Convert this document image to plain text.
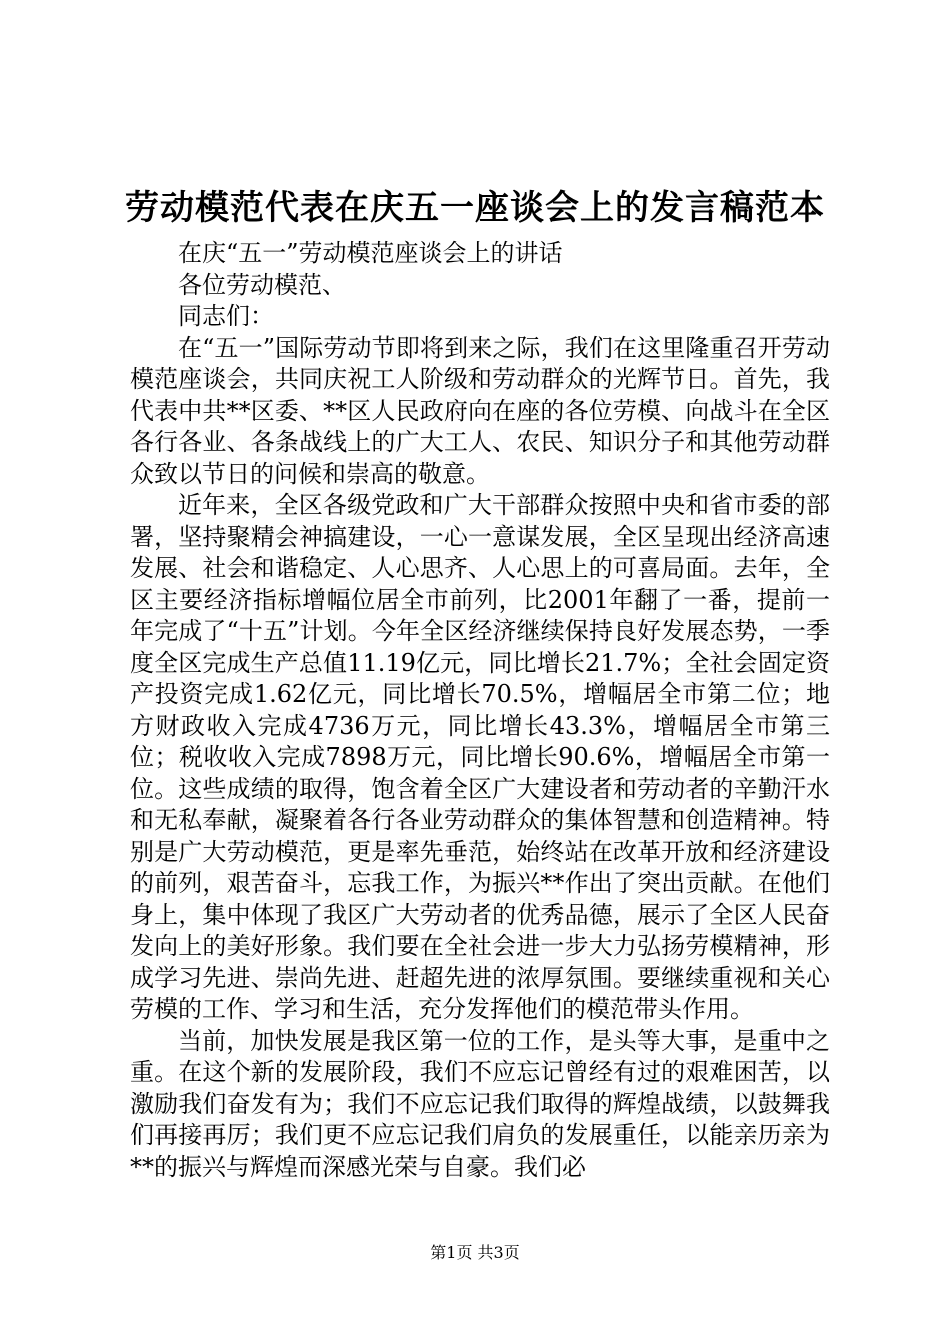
劳动模范代表在庆五一座谈会上的发言稿范本

在庆“五一”劳动模范座谈会上的讲话

各位劳动模范、

同志们：

在“五一”国际劳动节即将到来之际，我们在这里隆重召开劳动模范座谈会，共同庆祝工人阶级和劳动群众的光辉节日。首先，我代表中共**区委、**区人民政府向在座的各位劳模、向战斗在全区各行各业、各条战线上的广大工人、农民、知识分子和其他劳动群众致以节日的问候和崇高的敬意。

近年来，全区各级党政和广大干部群众按照中央和省市委的部署，坚持聚精会神搞建设，一心一意谋发展，全区呈现出经济高速发展、社会和谐稳定、人心思齐、人心思上的可喜局面。去年，全区主要经济指标增幅位居全市前列，比2001年翻了一番，提前一年完成了“十五”计划。今年全区经济继续保持良好发展态势，一季度全区完成生产总值11.19亿元，同比增长21.7%；全社会固定资产投资完成1.62亿元，同比增长70.5%，增幅居全市第二位；地方财政收入完成4736万元，同比增长43.3%，增幅居全市第三位；税收收入完成7898万元，同比增长90.6%，增幅居全市第一位。这些成绩的取得，饱含着全区广大建设者和劳动者的辛勤汗水和无私奉献，凝聚着各行各业劳动群众的集体智慧和创造精神。特别是广大劳动模范，更是率先垂范，始终站在改革开放和经济建设的前列，艰苦奋斗，忘我工作，为振兴**作出了突出贡献。在他们身上，集中体现了我区广大劳动者的优秀品德，展示了全区人民奋发向上的美好形象。我们要在全社会进一步大力弘扬劳模精神，形成学习先进、崇尚先进、赶超先进的浓厚氛围。要继续重视和关心劳模的工作、学习和生活，充分发挥他们的模范带头作用。

当前，加快发展是我区第一位的工作，是头等大事，是重中之重。在这个新的发展阶段，我们不应忘记曾经有过的艰难困苦，以激励我们奋发有为；我们不应忘记我们取得的辉煌战绩，以鼓舞我们再接再厉；我们更不应忘记我们肩负的发展重任，以能亲历亲为**的振兴与辉煌而深感光荣与自豪。我们必

第1页 共3页
